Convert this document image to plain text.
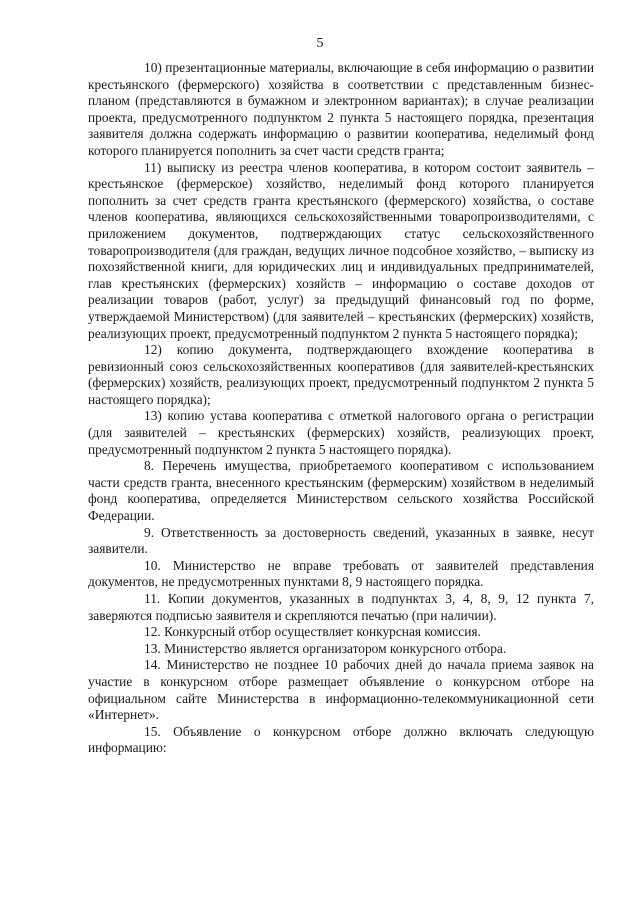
5

10) презентационные материалы, включающие в себя информацию о развитии крестьянского (фермерского) хозяйства в соответствии с представленным бизнес-планом (представляются в бумажном и электронном вариантах); в случае реализации проекта, предусмотренного подпунктом 2 пункта 5 настоящего порядка, презентация заявителя должна содержать информацию о развитии кооператива, неделимый фонд которого планируется пополнить за счет части средств гранта;

11) выписку из реестра членов кооператива, в котором состоит заявитель – крестьянское (фермерское) хозяйство, неделимый фонд которого планируется пополнить за счет средств гранта крестьянского (фермерского) хозяйства, о составе членов кооператива, являющихся сельскохозяйственными товаропроизводителями, с приложением документов, подтверждающих статус сельскохозяйственного товаропроизводителя (для граждан, ведущих личное подсобное хозяйство, – выписку из похозяйственной книги, для юридических лиц и индивидуальных предпринимателей, глав крестьянских (фермерских) хозяйств – информацию о составе доходов от реализации товаров (работ, услуг) за предыдущий финансовый год по форме, утверждаемой Министерством) (для заявителей – крестьянских (фермерских) хозяйств, реализующих проект, предусмотренный подпунктом 2 пункта 5 настоящего порядка);

12) копию документа, подтверждающего вхождение кооператива в ревизионный союз сельскохозяйственных кооперативов (для заявителей-крестьянских (фермерских) хозяйств, реализующих проект, предусмотренный подпунктом 2 пункта 5 настоящего порядка);

13) копию устава кооператива с отметкой налогового органа о регистрации (для заявителей – крестьянских (фермерских) хозяйств, реализующих проект, предусмотренный подпунктом 2 пункта 5 настоящего порядка).

8. Перечень имущества, приобретаемого кооперативом с использованием части средств гранта, внесенного крестьянским (фермерским) хозяйством в неделимый фонд кооператива, определяется Министерством сельского хозяйства Российской Федерации.

9. Ответственность за достоверность сведений, указанных в заявке, несут заявители.

10. Министерство не вправе требовать от заявителей представления документов, не предусмотренных пунктами 8, 9 настоящего порядка.

11. Копии документов, указанных в подпунктах 3, 4, 8, 9, 12 пункта 7, заверяются подписью заявителя и скрепляются печатью (при наличии).

12. Конкурсный отбор осуществляет конкурсная комиссия.

13. Министерство является организатором конкурсного отбора.

14. Министерство не позднее 10 рабочих дней до начала приема заявок на участие в конкурсном отборе размещает объявление о конкурсном отборе на официальном сайте Министерства в информационно-телекоммуникационной сети «Интернет».

15. Объявление о конкурсном отборе должно включать следующую информацию:
